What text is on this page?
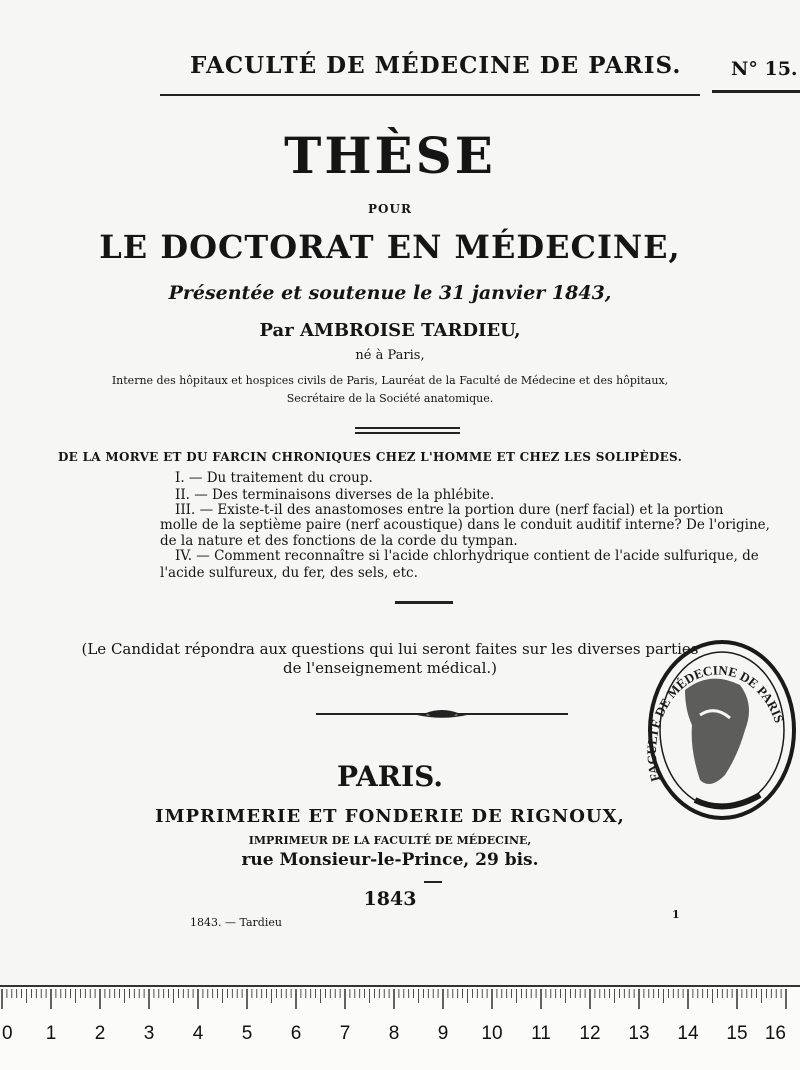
FACULTÉ DE MÉDECINE DE PARIS.	N° 15.
THÈSE
POUR
LE DOCTORAT EN MÉDECINE,
Présentée et soutenue le 31 janvier 1843,
Par AMBROISE TARDIEU,
né à Paris,
Interne des hôpitaux et hospices civils de Paris, Lauréat de la Faculté de Médecine et des hôpitaux,
Secrétaire de la Société anatomique.
DE LA MORVE ET DU FARCIN CHRONIQUES CHEZ L'HOMME ET CHEZ LES SOLIPÈDES.
I. — Du traitement du croup.
II. — Des terminaisons diverses de la phlébite.
III. — Existe-t-il des anastomoses entre la portion dure (nerf facial) et la portion
molle de la septième paire (nerf acoustique) dans le conduit auditif interne? De l'origine,
de la nature et des fonctions de la corde du tympan.
IV. — Comment reconnaître si l'acide chlorhydrique contient de l'acide sulfurique, de
l'acide sulfureux, du fer, des sels, etc.
(Le Candidat répondra aux questions qui lui seront faites sur les diverses parties
de l'enseignement médical.)
PARIS.
IMPRIMERIE ET FONDERIE DE RIGNOUX,
IMPRIMEUR DE LA FACULTÉ DE MÉDECINE,
rue Monsieur-le-Prince, 29 bis.
1843
1843. — Tardieu
1
FACULTÉ DE MÉDECINE DE PARIS
0 1 2 3 4 5 6 7 8 9 10 11 12 13 14 15 16
